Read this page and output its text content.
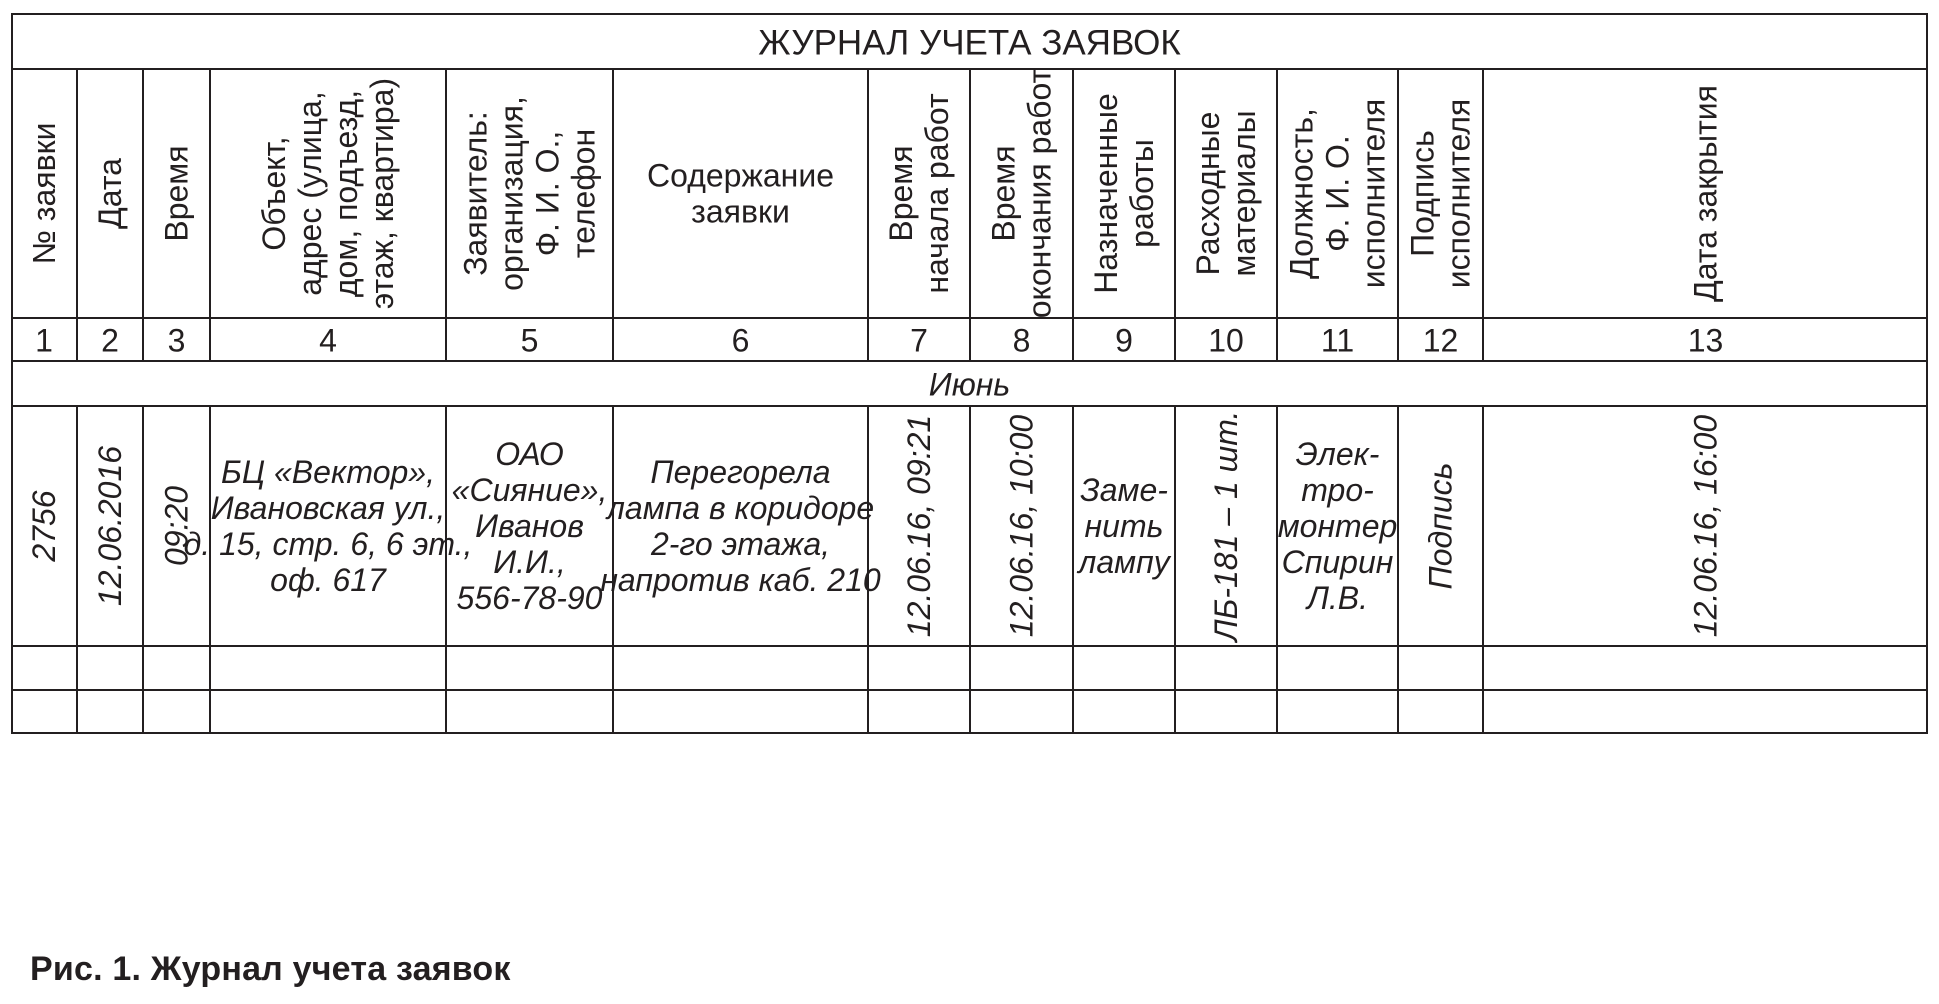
ЖУРНАЛ УЧЕТА ЗАЯВОК
Июнь
№ заявки
1
Дата
2
Время
3
Объект, адрес (улица, дом, подъезд, этаж, квартира)
4
Заявитель: организация, Ф. И. О., телефон
5
Содержание
заявки
6
Время начала работ
7
Время окончания работ
8
Назначенные работы
9
Расходные материалы
10
Должность, Ф. И. О. исполнителя
11
Подпись исполнителя
12
Дата закрытия
13
2756 12.06.2016 09:20
БЦ «Вектор»,
Ивановская ул.,
д. 15, стр. 6, 6 эт.,
оф. 617
ОАО
«Сияние»,
Иванов
И.И.,
556-78-90
Перегорела
лампа в коридоре
2-го этажа,
напротив каб. 210 12.06.16, 09:21 12.06.16, 10:00 Заме-
нить
лампу ЛБ-181 – 1 шт. Элек-
тро-
монтер
Спирин
Л.В.
Подпись	12.06.16, 16:00

Рис. 1. Журнал учета заявок
